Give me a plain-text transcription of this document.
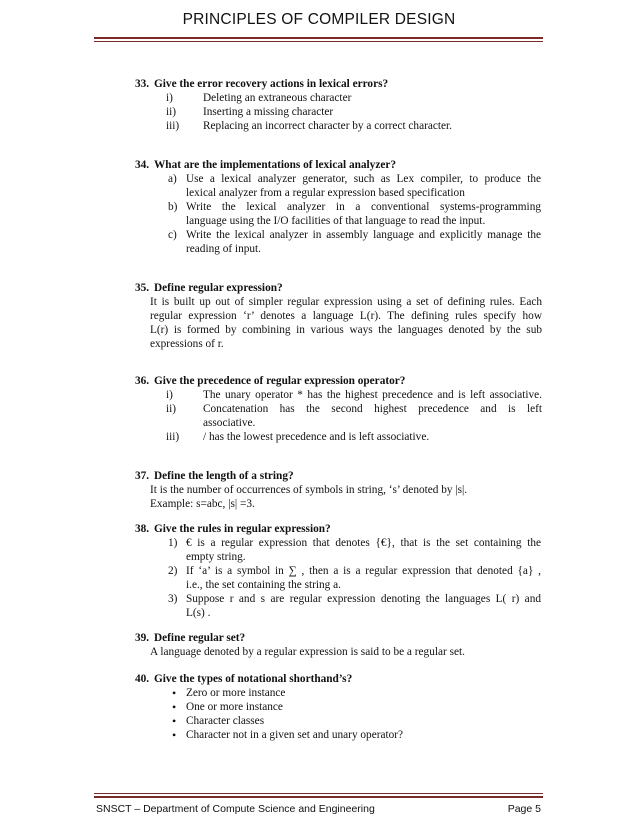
PRINCIPLES OF COMPILER DESIGN
33. Give the error recovery actions in lexical errors?
i)	Deleting an extraneous character
ii) Inserting a missing character
iii) Replacing an incorrect character by a correct character.
34. What are the implementations of lexical analyzer?
a) Use a lexical analyzer generator, such as Lex compiler, to produce the
lexical analyzer from a regular expression based specification
b) Write the lexical analyzer in a conventional systems-programming
language using the I/O facilities of that language to read the input.
c) Write the lexical analyzer in assembly language and explicitly manage the
reading of input.
35. Define regular expression?

It is built up out of simpler regular expression using a set of defining rules. Each

regular expression ‘r’ denotes a language L(r). The defining rules specify how

L(r) is formed by combining in various ways the languages denoted by the sub

expressions of r.

36. Give the precedence of regular expression operator?
i)	The unary operator * has the highest precedence and is left associative.
ii) Concatenation has the second highest precedence and is left
associative.
iii) / has the lowest precedence and is left associative.
37. Define the length of a string?

It is the number of occurrences of symbols in string, ‘s’ denoted by |s|.

Example: s=abc, |s| =3.

38. Give the rules in regular expression?
1) € is a regular expression that denotes {€}, that is the set containing the
empty string.
2) If ‘a’ is a symbol in ∑ , then a is a regular expression that denoted {a} ,
i.e., the set containing the string a.
3) Suppose r and s are regular expression denoting the languages L( r) and
L(s) .
39. Define regular set?

A language denoted by a regular expression is said to be a regular set.

40. Give the types of notational shorthand’s?
• Zero or more instance
• One or more instance
• Character classes
• Character not in a given set and unary operator?
SNSCT – Department of Compute Science and Engineering	Page 5
